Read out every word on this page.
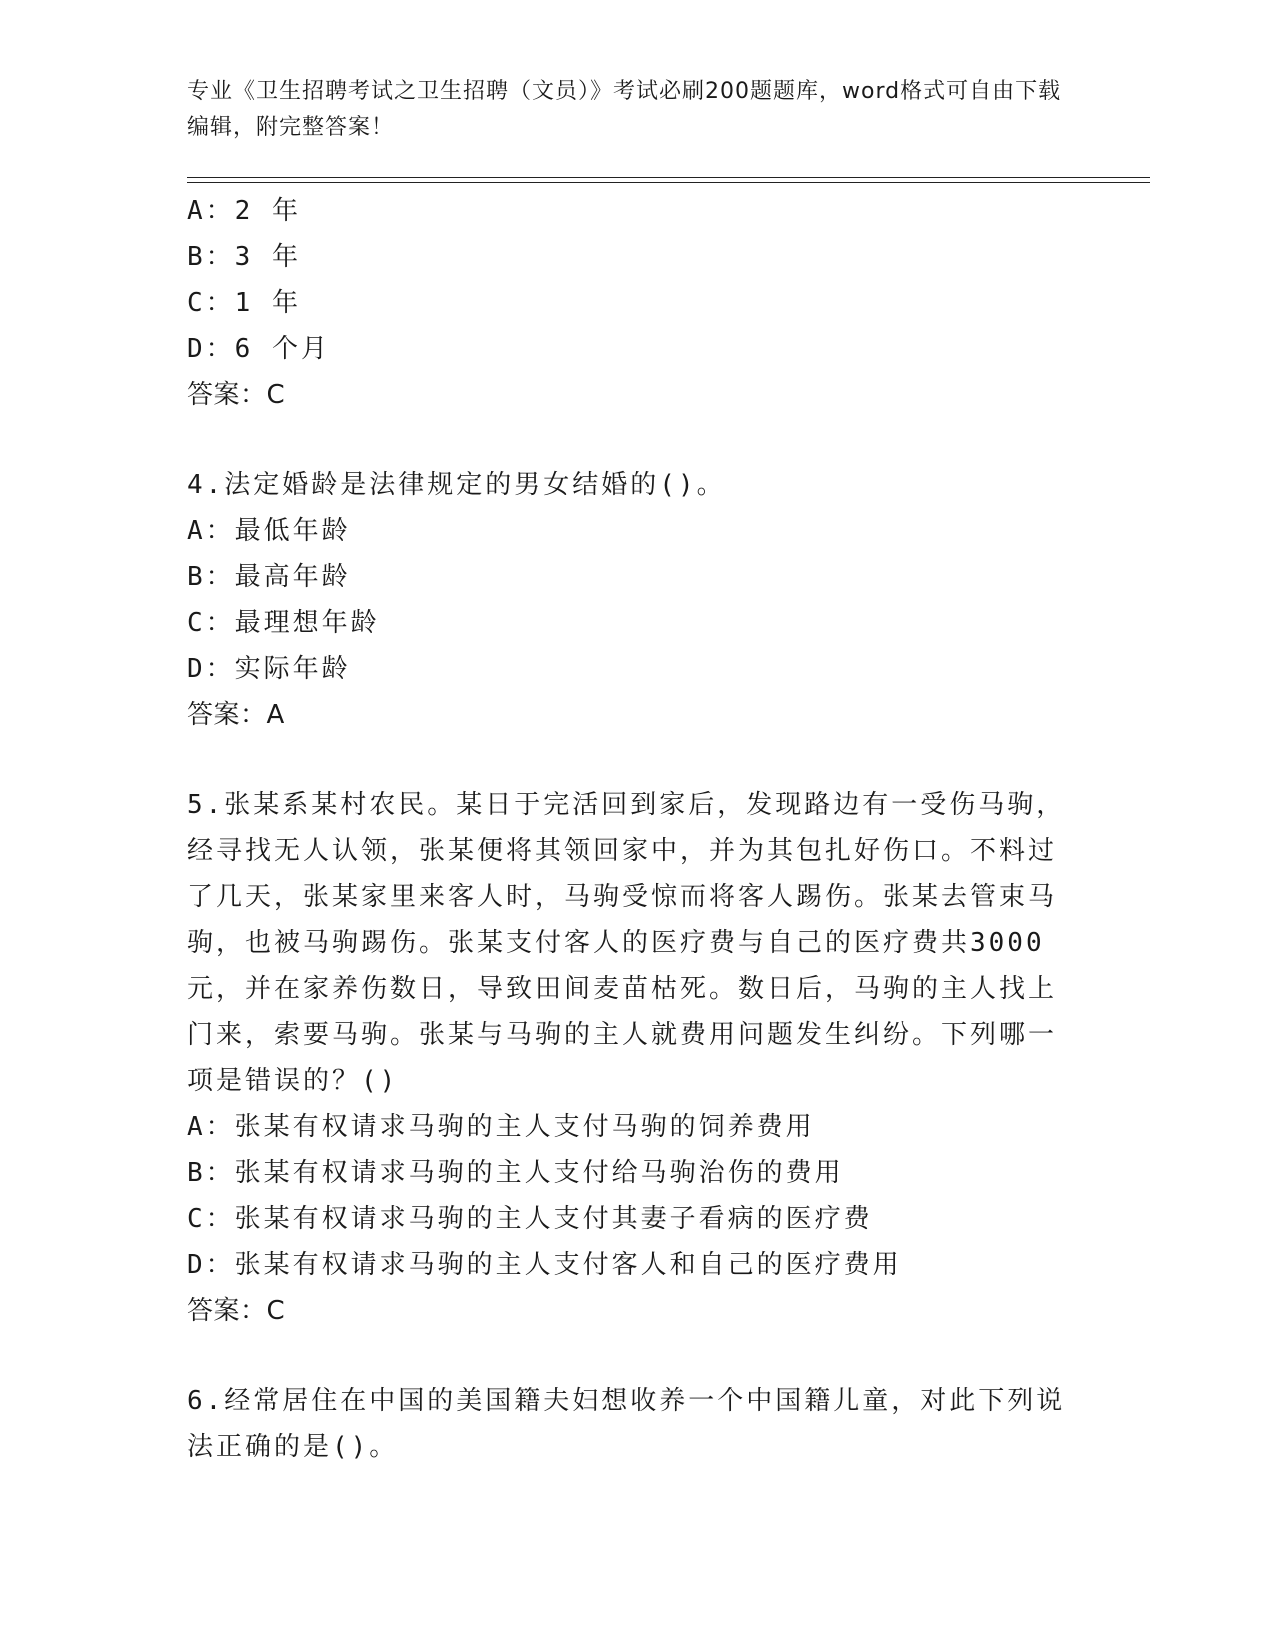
专业《卫生招聘考试之卫生招聘（文员）》考试必刷200题题库，word格式可自由下载编辑，附完整答案！
A：2 年
B：3 年
C：1 年
D：6 个月
答案：C
4.法定婚龄是法律规定的男女结婚的()。
A：最低年龄
B：最高年龄
C：最理想年龄
D：实际年龄
答案：A
5.张某系某村农民。某日于完活回到家后，发现路边有一受伤马驹，经寻找无人认领，张某便将其领回家中，并为其包扎好伤口。不料过了几天，张某家里来客人时，马驹受惊而将客人踢伤。张某去管束马驹，也被马驹踢伤。张某支付客人的医疗费与自己的医疗费共3000元，并在家养伤数日，导致田间麦苗枯死。数日后，马驹的主人找上门来，索要马驹。张某与马驹的主人就费用问题发生纠纷。下列哪一项是错误的？()
A：张某有权请求马驹的主人支付马驹的饲养费用
B：张某有权请求马驹的主人支付给马驹治伤的费用
C：张某有权请求马驹的主人支付其妻子看病的医疗费
D：张某有权请求马驹的主人支付客人和自己的医疗费用
答案：C
6.经常居住在中国的美国籍夫妇想收养一个中国籍儿童，对此下列说法正确的是()。
